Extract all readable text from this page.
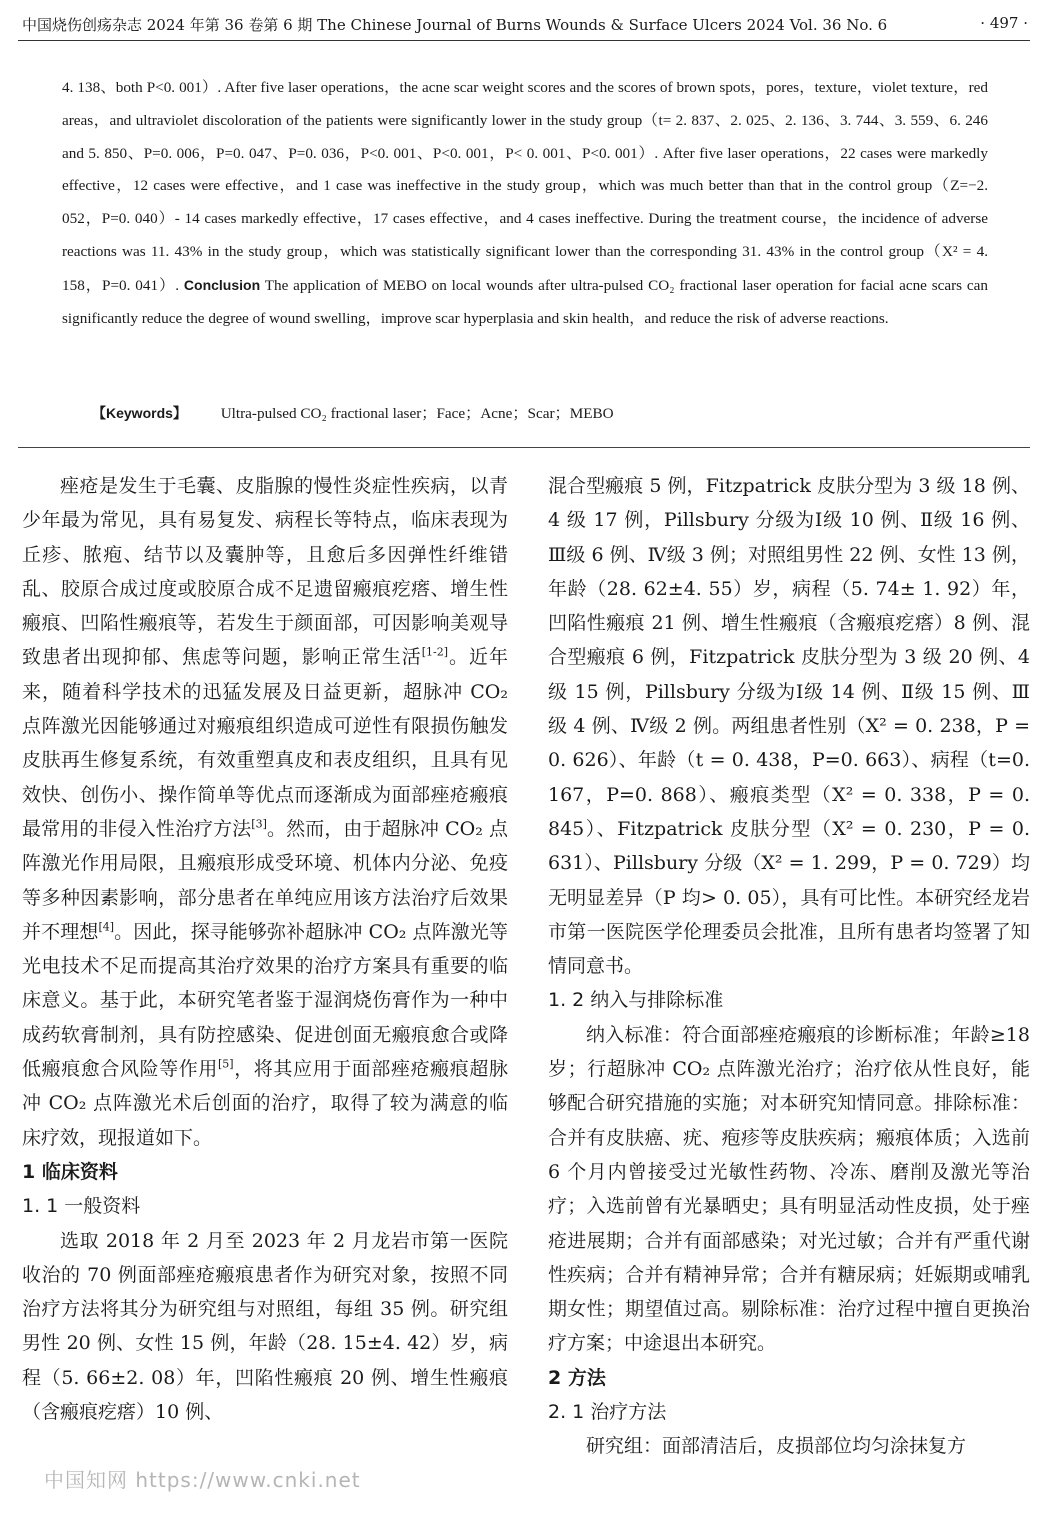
中国烧伤创疡杂志 2024 年第 36 卷第 6 期 The Chinese Journal of Burns Wounds & Surface Ulcers 2024 Vol. 36 No. 6	· 497 ·
4. 138、both P<0. 001）. After five laser operations，the acne scar weight scores and the scores of brown spots，pores，texture，violet texture，red areas，and ultraviolet discoloration of the patients were significantly lower in the study group（t= 2. 837、2. 025、2. 136、3. 744、3. 559、6. 246 and 5. 850、P=0. 006，P=0. 047、P=0. 036，P<0. 001、P<0. 001，P< 0. 001、P<0. 001）. After five laser operations，22 cases were markedly effective，12 cases were effective，and 1 case was ineffective in the study group，which was much better than that in the control group（Z=−2. 052，P=0. 040）- 14 cases markedly effective，17 cases effective，and 4 cases ineffective. During the treatment course，the incidence of adverse reactions was 11. 43% in the study group，which was statistically significant lower than the corresponding 31. 43% in the control group（X² = 4. 158，P=0. 041）. Conclusion The application of MEBO on local wounds after ultra-pulsed CO₂ fractional laser operation for facial acne scars can significantly reduce the degree of wound swelling，improve scar hyperplasia and skin health，and reduce the risk of adverse reactions.
【Keywords】 Ultra-pulsed CO₂ fractional laser；Face；Acne；Scar；MEBO

痤疮是发生于毛囊、皮脂腺的慢性炎症性疾病，以青少年最为常见，具有易复发、病程长等特点，临床表现为丘疹、脓疱、结节以及囊肿等，且愈后多因弹性纤维错乱、胶原合成过度或胶原合成不足遗留瘢痕疙瘩、增生性瘢痕、凹陷性瘢痕等，若发生于颜面部，可因影响美观导致患者出现抑郁、焦虑等问题，影响正常生活[1-2]。近年来，随着科学技术的迅猛发展及日益更新，超脉冲 CO₂ 点阵激光因能够通过对瘢痕组织造成可逆性有限损伤触发皮肤再生修复系统，有效重塑真皮和表皮组织，且具有见效快、创伤小、操作简单等优点而逐渐成为面部痤疮瘢痕最常用的非侵入性治疗方法[3]。然而，由于超脉冲 CO₂ 点阵激光作用局限，且瘢痕形成受环境、机体内分泌、免疫等多种因素影响，部分患者在单纯应用该方法治疗后效果并不理想[4]。因此，探寻能够弥补超脉冲 CO₂ 点阵激光等光电技术不足而提高其治疗效果的治疗方案具有重要的临床意义。基于此，本研究笔者鉴于湿润烧伤膏作为一种中成药软膏制剂，具有防控感染、促进创面无瘢痕愈合或降低瘢痕愈合风险等作用[5]，将其应用于面部痤疮瘢痕超脉冲 CO₂ 点阵激光术后创面的治疗，取得了较为满意的临床疗效，现报道如下。

1 临床资料

1. 1 一般资料

选取 2018 年 2 月至 2023 年 2 月龙岩市第一医院收治的 70 例面部痤疮瘢痕患者作为研究对象，按照不同治疗方法将其分为研究组与对照组，每组 35 例。研究组男性 20 例、女性 15 例，年龄（28. 15±4. 42）岁，病程（5. 66±2. 08）年，凹陷性瘢痕 20 例、增生性瘢痕（含瘢痕疙瘩）10 例、

混合型瘢痕 5 例，Fitzpatrick 皮肤分型为 3 级 18 例、4 级 17 例，Pillsbury 分级为Ⅰ级 10 例、Ⅱ级 16 例、Ⅲ级 6 例、Ⅳ级 3 例；对照组男性 22 例、女性 13 例，年龄（28. 62±4. 55）岁，病程（5. 74± 1. 92）年，凹陷性瘢痕 21 例、增生性瘢痕（含瘢痕疙瘩）8 例、混合型瘢痕 6 例，Fitzpatrick 皮肤分型为 3 级 20 例、4 级 15 例，Pillsbury 分级为Ⅰ级 14 例、Ⅱ级 15 例、Ⅲ级 4 例、Ⅳ级 2 例。两组患者性别（X² = 0. 238，P = 0. 626）、年龄（t = 0. 438，P=0. 663）、病程（t=0. 167，P=0. 868）、瘢痕类型（X² = 0. 338，P = 0. 845）、Fitzpatrick 皮肤分型（X² = 0. 230，P = 0. 631）、Pillsbury 分级（X² = 1. 299，P = 0. 729）均无明显差异（P 均> 0. 05），具有可比性。本研究经龙岩市第一医院医学伦理委员会批准，且所有患者均签署了知情同意书。

1. 2 纳入与排除标准

纳入标准：符合面部痤疮瘢痕的诊断标准；年龄≥18 岁；行超脉冲 CO₂ 点阵激光治疗；治疗依从性良好，能够配合研究措施的实施；对本研究知情同意。排除标准：合并有皮肤癌、疣、疱疹等皮肤疾病；瘢痕体质；入选前 6 个月内曾接受过光敏性药物、冷冻、磨削及激光等治疗；入选前曾有光暴晒史；具有明显活动性皮损，处于痤疮进展期；合并有面部感染；对光过敏；合并有严重代谢性疾病；合并有精神异常；合并有糖尿病；妊娠期或哺乳期女性；期望值过高。剔除标准：治疗过程中擅自更换治疗方案；中途退出本研究。

2 方法

2. 1 治疗方法

研究组：面部清洁后，皮损部位均匀涂抹复方

中国知网 https://www.cnki.net
